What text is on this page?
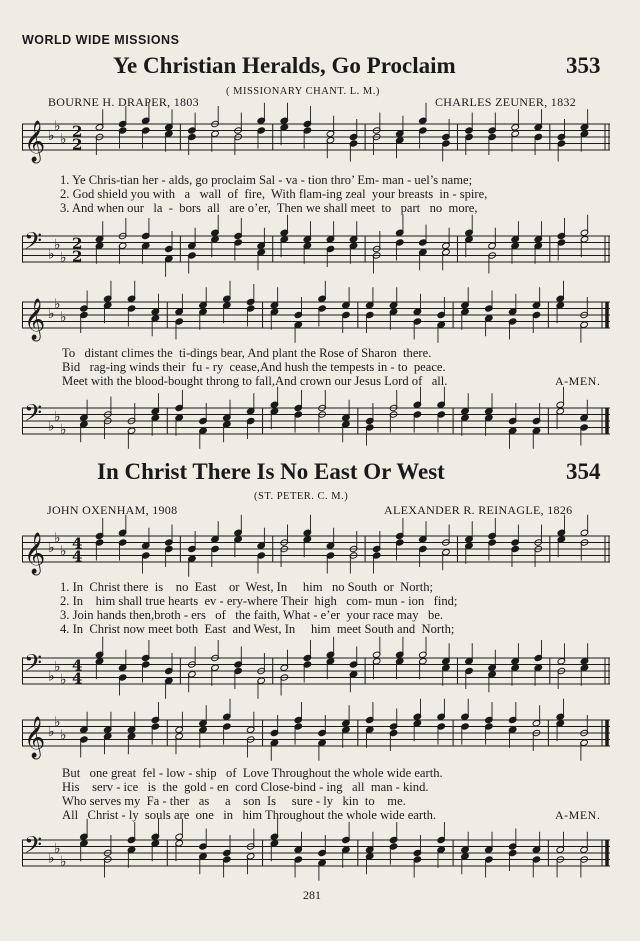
WORLD WIDE MISSIONS
Ye Christian Heralds, Go Proclaim	353
( MISSIONARY CHANT. L. M.)
BOURNE H. DRAPER, 1803	CHARLES ZEUNER, 1832
𝄞 ♭
♭
♭ 2
2
1. Ye Chris-tian her - alds, go proclaim Sal - va - tion thro’ Em- man - uel’s name;
2. God shield you with   a   wall  of  fire,  With flam-ing zeal  your breasts  in - spire,
3. And when our   la  -  bors  all   are o’er,  Then we shall meet  to   part   no  more,
𝄢 ♭
♭
♭
2
2
𝄞 ♭
♭
♭
To   distant climes the  ti-dings bear, And plant the Rose of Sharon  there.
Bid   rag-ing winds their  fu - ry  cease,And hush the tempests in - to  peace.
Meet with the blood-bought throng to fall,And crown our Jesus Lord of   all.	A-MEN.
𝄢 ♭
♭
♭
In Christ There Is No East Or West	354
(ST. PETER. C. M.)
JOHN OXENHAM, 1908	ALEXANDER R. REINAGLE, 1826
𝄞 ♭
♭
♭ 4
4
1. In  Christ there  is    no  East    or  West, In     him   no South  or  North;
2. In    him shall true hearts  ev - ery-where Their  high   com- mun - ion   find;
3. Join hands then,broth - ers   of   the faith, What - e’er  your race may   be.
4. In  Christ now meet both  East  and West, In     him  meet South and  North;
𝄢 ♭
♭
♭
4
4
𝄞 ♭
♭
♭
But   one great  fel - low - ship   of  Love Throughout the whole wide earth.
His    serv - ice   is  the  gold - en  cord Close-bind - ing   all  man - kind.
Who serves my  Fa - ther   as     a    son  Is     sure - ly   kin  to    me.
All   Christ - ly  souls are  one   in   him Throughout the whole wide earth.	A-MEN.
𝄢 ♭
♭
♭
281
